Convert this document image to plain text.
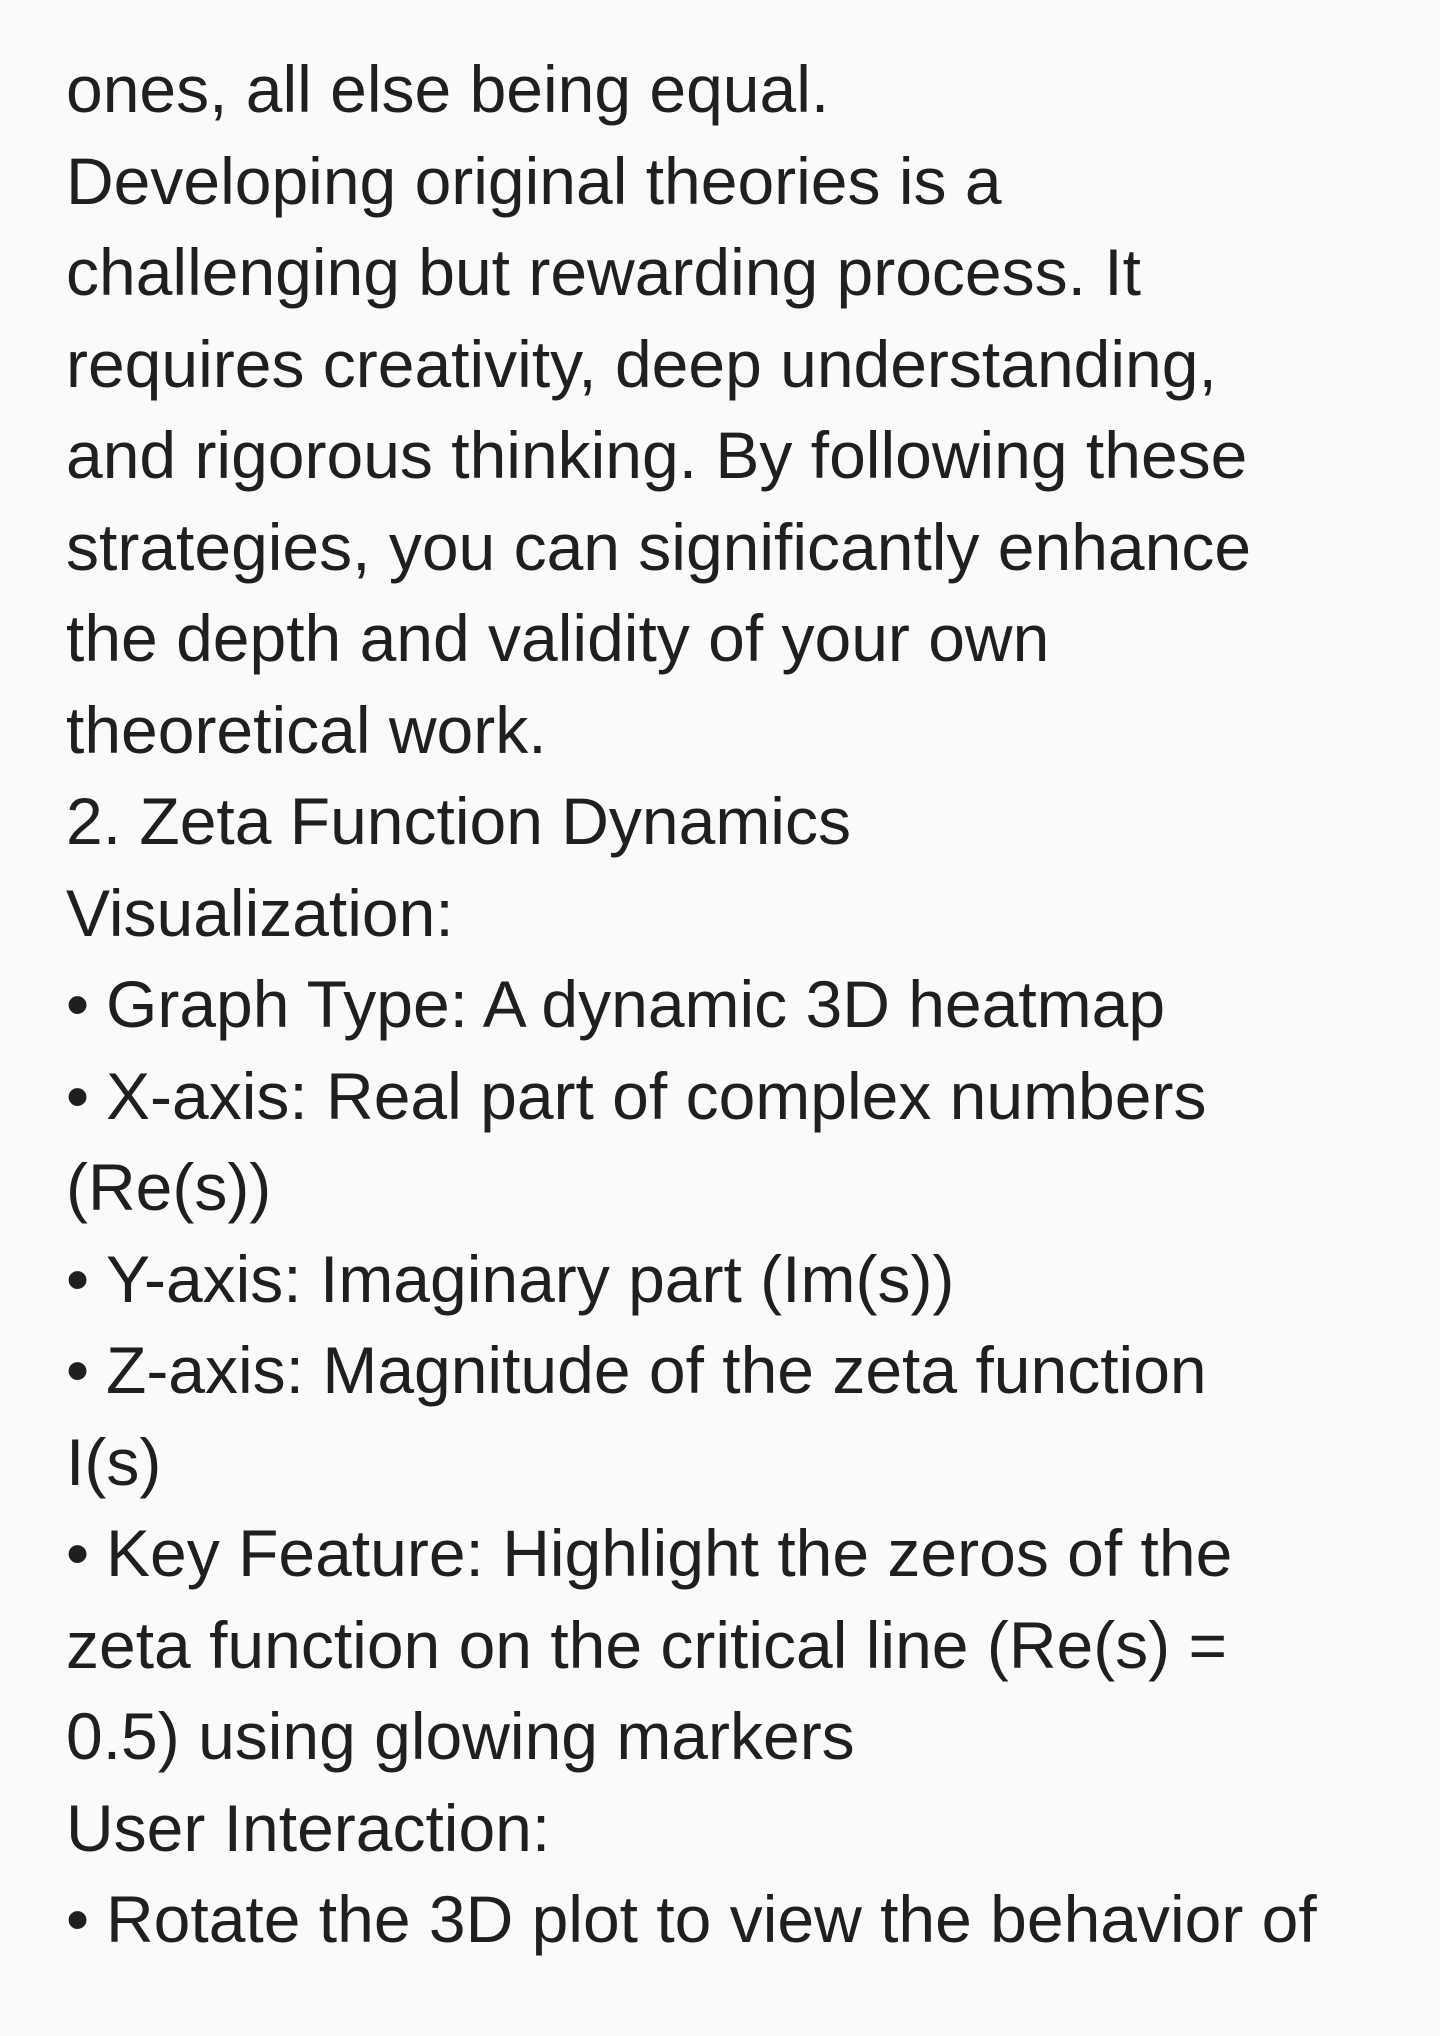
ones, all else being equal.
Developing original theories is a
challenging but rewarding process. It
requires creativity, deep understanding,
and rigorous thinking. By following these
strategies, you can significantly enhance
the depth and validity of your own
theoretical work.
2. Zeta Function Dynamics
Visualization:
• Graph Type: A dynamic 3D heatmap
• X-axis: Real part of complex numbers
(Re(s))
• Y-axis: Imaginary part (Im(s))
• Z-axis: Magnitude of the zeta function
I(s)
• Key Feature: Highlight the zeros of the
zeta function on the critical line (Re(s) =
0.5) using glowing markers
User Interaction:
• Rotate the 3D plot to view the behavior of
